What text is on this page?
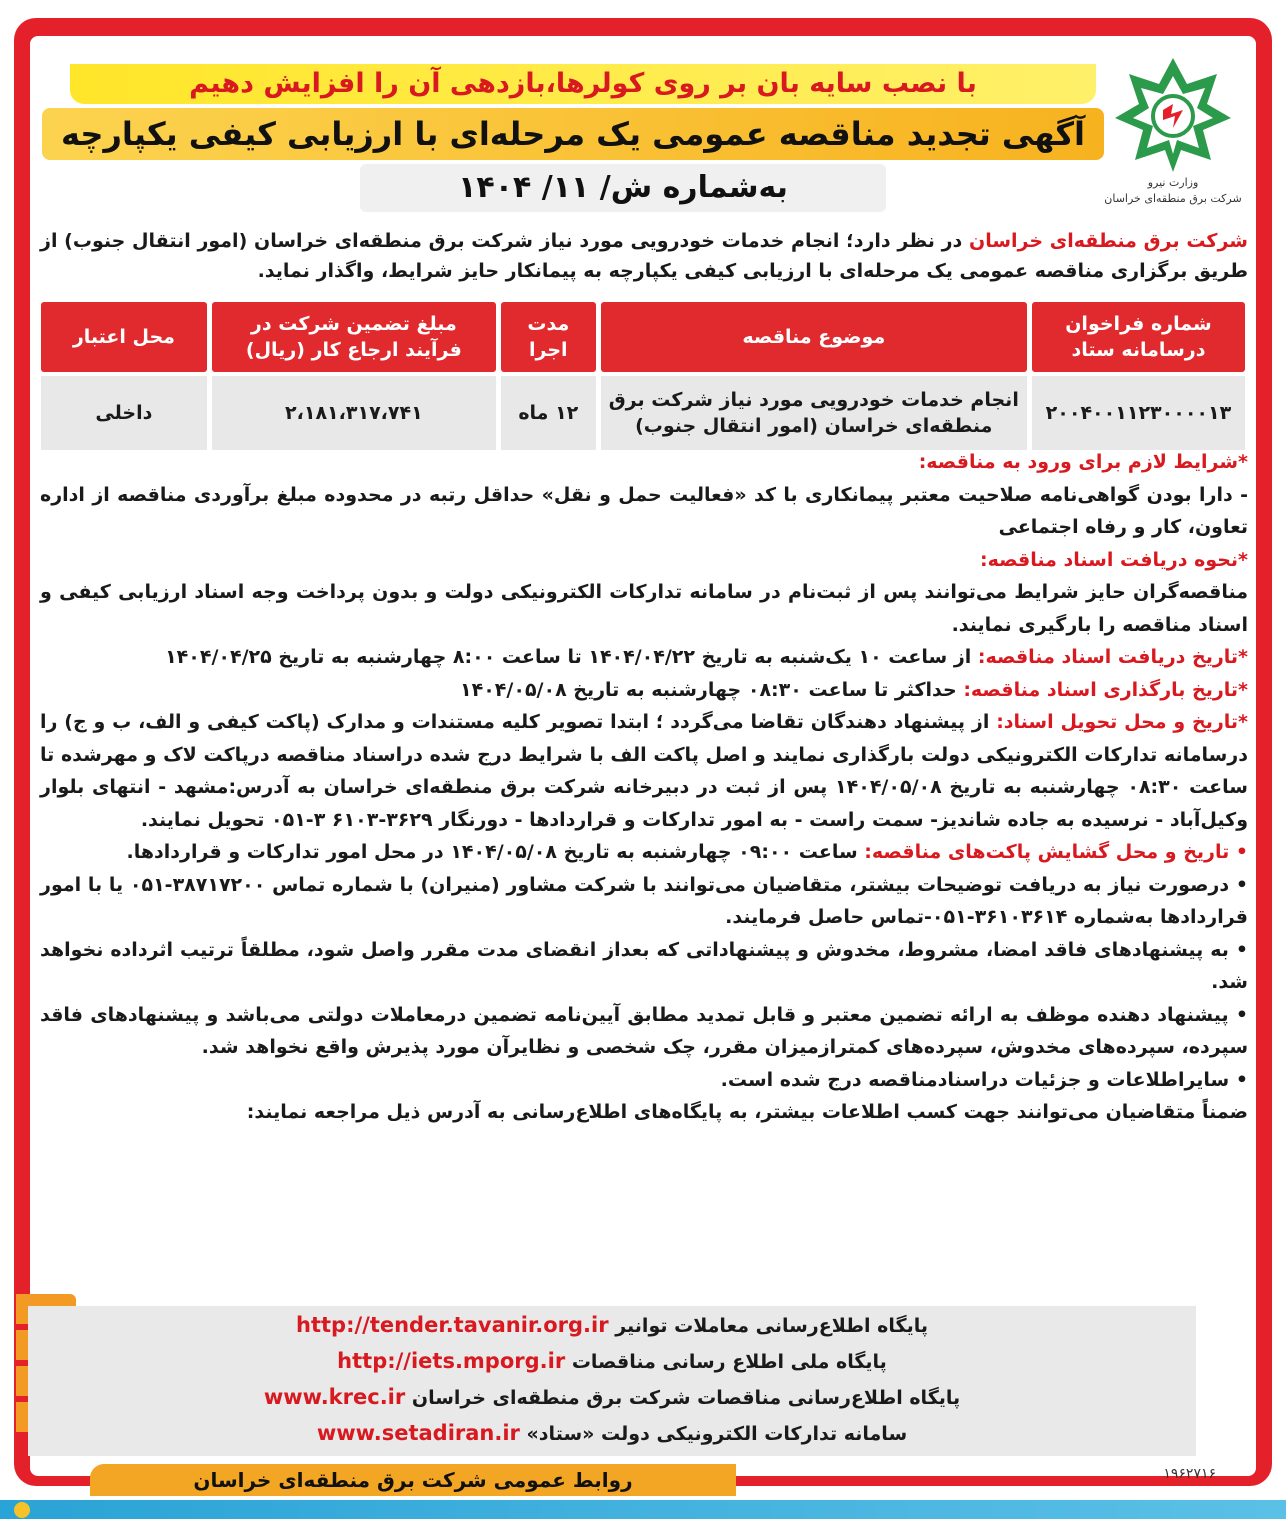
وزارت نیرو
شرکت برق منطقه‌ای خراسان
با نصب سایه بان بر روی کولرها،بازدهی آن را افزایش دهیم
آگهی تجدید مناقصه عمومی یک مرحله‌ای با ارزیابی کیفی یکپارچه
به‌شماره ش/ ۱۱/ ۱۴۰۴
شرکت برق منطقه‌ای خراسان در نظر دارد؛ انجام خدمات خودرویی مورد نیاز شرکت برق منطقه‌ای خراسان (امور انتقال جنوب) از طریق برگزاری مناقصه عمومی یک مرحله‌ای با ارزیابی کیفی یکپارچه به پیمانکار حایز شرایط، واگذار نماید.
شماره فراخوان درسامانه ستاد	موضوع مناقصه	مدت اجرا	مبلغ تضمین شرکت در فرآیند ارجاع کار (ریال)	محل اعتبار
۲۰۰۴۰۰۱۱۲۳۰۰۰۰۱۳	انجام خدمات خودرویی مورد نیاز شرکت برق منطقه‌ای خراسان (امور انتقال جنوب)	۱۲ ماه	۲،۱۸۱،۳۱۷،۷۴۱	داخلی

*شرایط لازم برای ورود به مناقصه:

- دارا بودن گواهی‌نامه صلاحیت معتبر پیمانکاری با کد «فعالیت حمل و نقل» حداقل رتبه در محدوده مبلغ برآوردی مناقصه از اداره تعاون، کار و رفاه اجتماعی

*نحوه دریافت اسناد مناقصه:

مناقصه‌گران حایز شرایط می‌توانند پس از ثبت‌نام در سامانه تدارکات الکترونیکی دولت و بدون پرداخت وجه اسناد ارزیابی کیفی و اسناد مناقصه را بارگیری نمایند.

*تاریخ دریافت اسناد مناقصه: از ساعت ۱۰ یک‌شنبه به تاریخ ۱۴۰۴/۰۴/۲۲ تا ساعت ۸:۰۰ چهارشنبه به تاریخ ۱۴۰۴/۰۴/۲۵

*تاریخ بارگذاری اسناد مناقصه: حداکثر تا ساعت ۰۸:۳۰ چهارشنبه به تاریخ ۱۴۰۴/۰۵/۰۸

*تاریخ و محل تحویل اسناد: از پیشنهاد دهندگان تقاضا می‌گردد ؛ ابتدا تصویر کلیه مستندات و مدارک (پاکت کیفی و الف، ب و ج) را درسامانه تدارکات الکترونیکی دولت بارگذاری نمایند و اصل پاکت الف با شرایط درج شده دراسناد مناقصه درپاکت لاک و مهرشده تا ساعت ۰۸:۳۰ چهارشنبه به تاریخ ۱۴۰۴/۰۵/۰۸ پس از ثبت در دبیرخانه شرکت برق منطقه‌ای خراسان به آدرس:مشهد - انتهای بلوار وکیل‌آباد - نرسیده به جاده شاندیز- سمت راست - به امور تدارکات و قراردادها - دورنگار ۳۶۲۹-۶۱۰۳ ۳-۰۵۱ تحویل نمایند.

• تاریخ و محل گشایش پاکت‌های مناقصه: ساعت ۰۹:۰۰ چهارشنبه به تاریخ ۱۴۰۴/۰۵/۰۸ در محل امور تدارکات و قراردادها.

• درصورت نیاز به دریافت توضیحات بیشتر، متقاضیان می‌توانند با شرکت مشاور (منیران) با شماره تماس ۳۸۷۱۷۲۰۰-۰۵۱ یا با امور قراردادها به‌شماره ۳۶۱۰۳۶۱۴-۰۵۱-تماس حاصل فرمایند.

• به پیشنهادهای فاقد امضا، مشروط، مخدوش و پیشنهاداتی که بعداز انقضای مدت مقرر واصل شود، مطلقاً ترتیب اثرداده نخواهد شد.

• پیشنهاد دهنده موظف به ارائه تضمین معتبر و قابل تمدید مطابق آیین‌نامه تضمین درمعاملات دولتی می‌باشد و پیشنهادهای فاقد سپرده، سپرده‌های مخدوش، سپرده‌های کمترازمیزان مقرر، چک شخصی و نظایرآن مورد پذیرش واقع نخواهد شد.

• سایراطلاعات و جزئیات دراسنادمناقصه درج شده است.

ضمناً متقاضیان می‌توانند جهت کسب اطلاعات بیشتر، به پایگاه‌های اطلاع‌رسانی به آدرس ذیل مراجعه نمایند:

پایگاه اطلاع‌رسانی معاملات توانیر http://tender.tavanir.org.ir
پایگاه ملی اطلاع رسانی مناقصات http://iets.mporg.ir
پایگاه اطلاع‌رسانی مناقصات شرکت برق منطقه‌ای خراسان www.krec.ir
سامانه تدارکات الکترونیکی دولت «ستاد» www.setadiran.ir
روابط عمومی شرکت برق منطقه‌ای خراسان	۱۹۶۲۷۱۶
